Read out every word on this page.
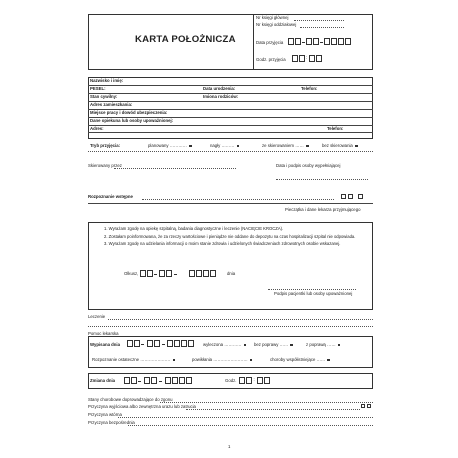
KARTA POŁOŻNICZA
Nr księgi głównej
Nr księgi oddziałowej
Data przyjęcia
Godz. przyjęcia	:
Nazwisko i imię:
PESEL:	Data urodzenia:	Telefon:
Stan cywilny:	Imiona rodziców:
Adres zamieszkania:
Miejsce pracy i dowód ubezpieczenia:
Dane opiekuna lub osoby upoważnionej:
Adres:	Telefon:
Tryb przyjęcia:	planowany …………	nagły ………	ze skierowaniem ……	bez skierowania
Skierowany przez	Data i podpis osoby wypełniającej
Rozpoznanie wstępne
Pieczątka i dane lekarza przyjmującego

1. Wyrażam zgodę na opiekę szpitalną, badania diagnostyczne i leczenie (NACIĘCIE KROCZA).

2. Zostałam poinformowana, że za rzeczy wartościowe i pieniądze nie oddane do depozytu na czas hospitalizacji szpital nie odpowiada.

3. Wyrażam zgodę na udzielania informacji o moim stanie zdrowia i udzielonych świadczeniach zdrowotnych osobie wskazanej.

Olkusz,	dnia
Podpis pacjentki lub osoby upoważnionej
Leczenie
Pomoc lekarska
Wypisana dnia	wyleczona …………	bez poprawy ……	z poprawą ……
Rozpoznanie ostateczne …………………	powikłania ……………………	choroby współistniejące ……
Zmiana dnia	Godz.	:
Stany chorobowe doprowadzające do zgonu
Przyczyna wyjściowa albo zewnętrzna urazu lub zatrucia
Przyczyna wtórna
Przyczyna bezpośrednia
1
